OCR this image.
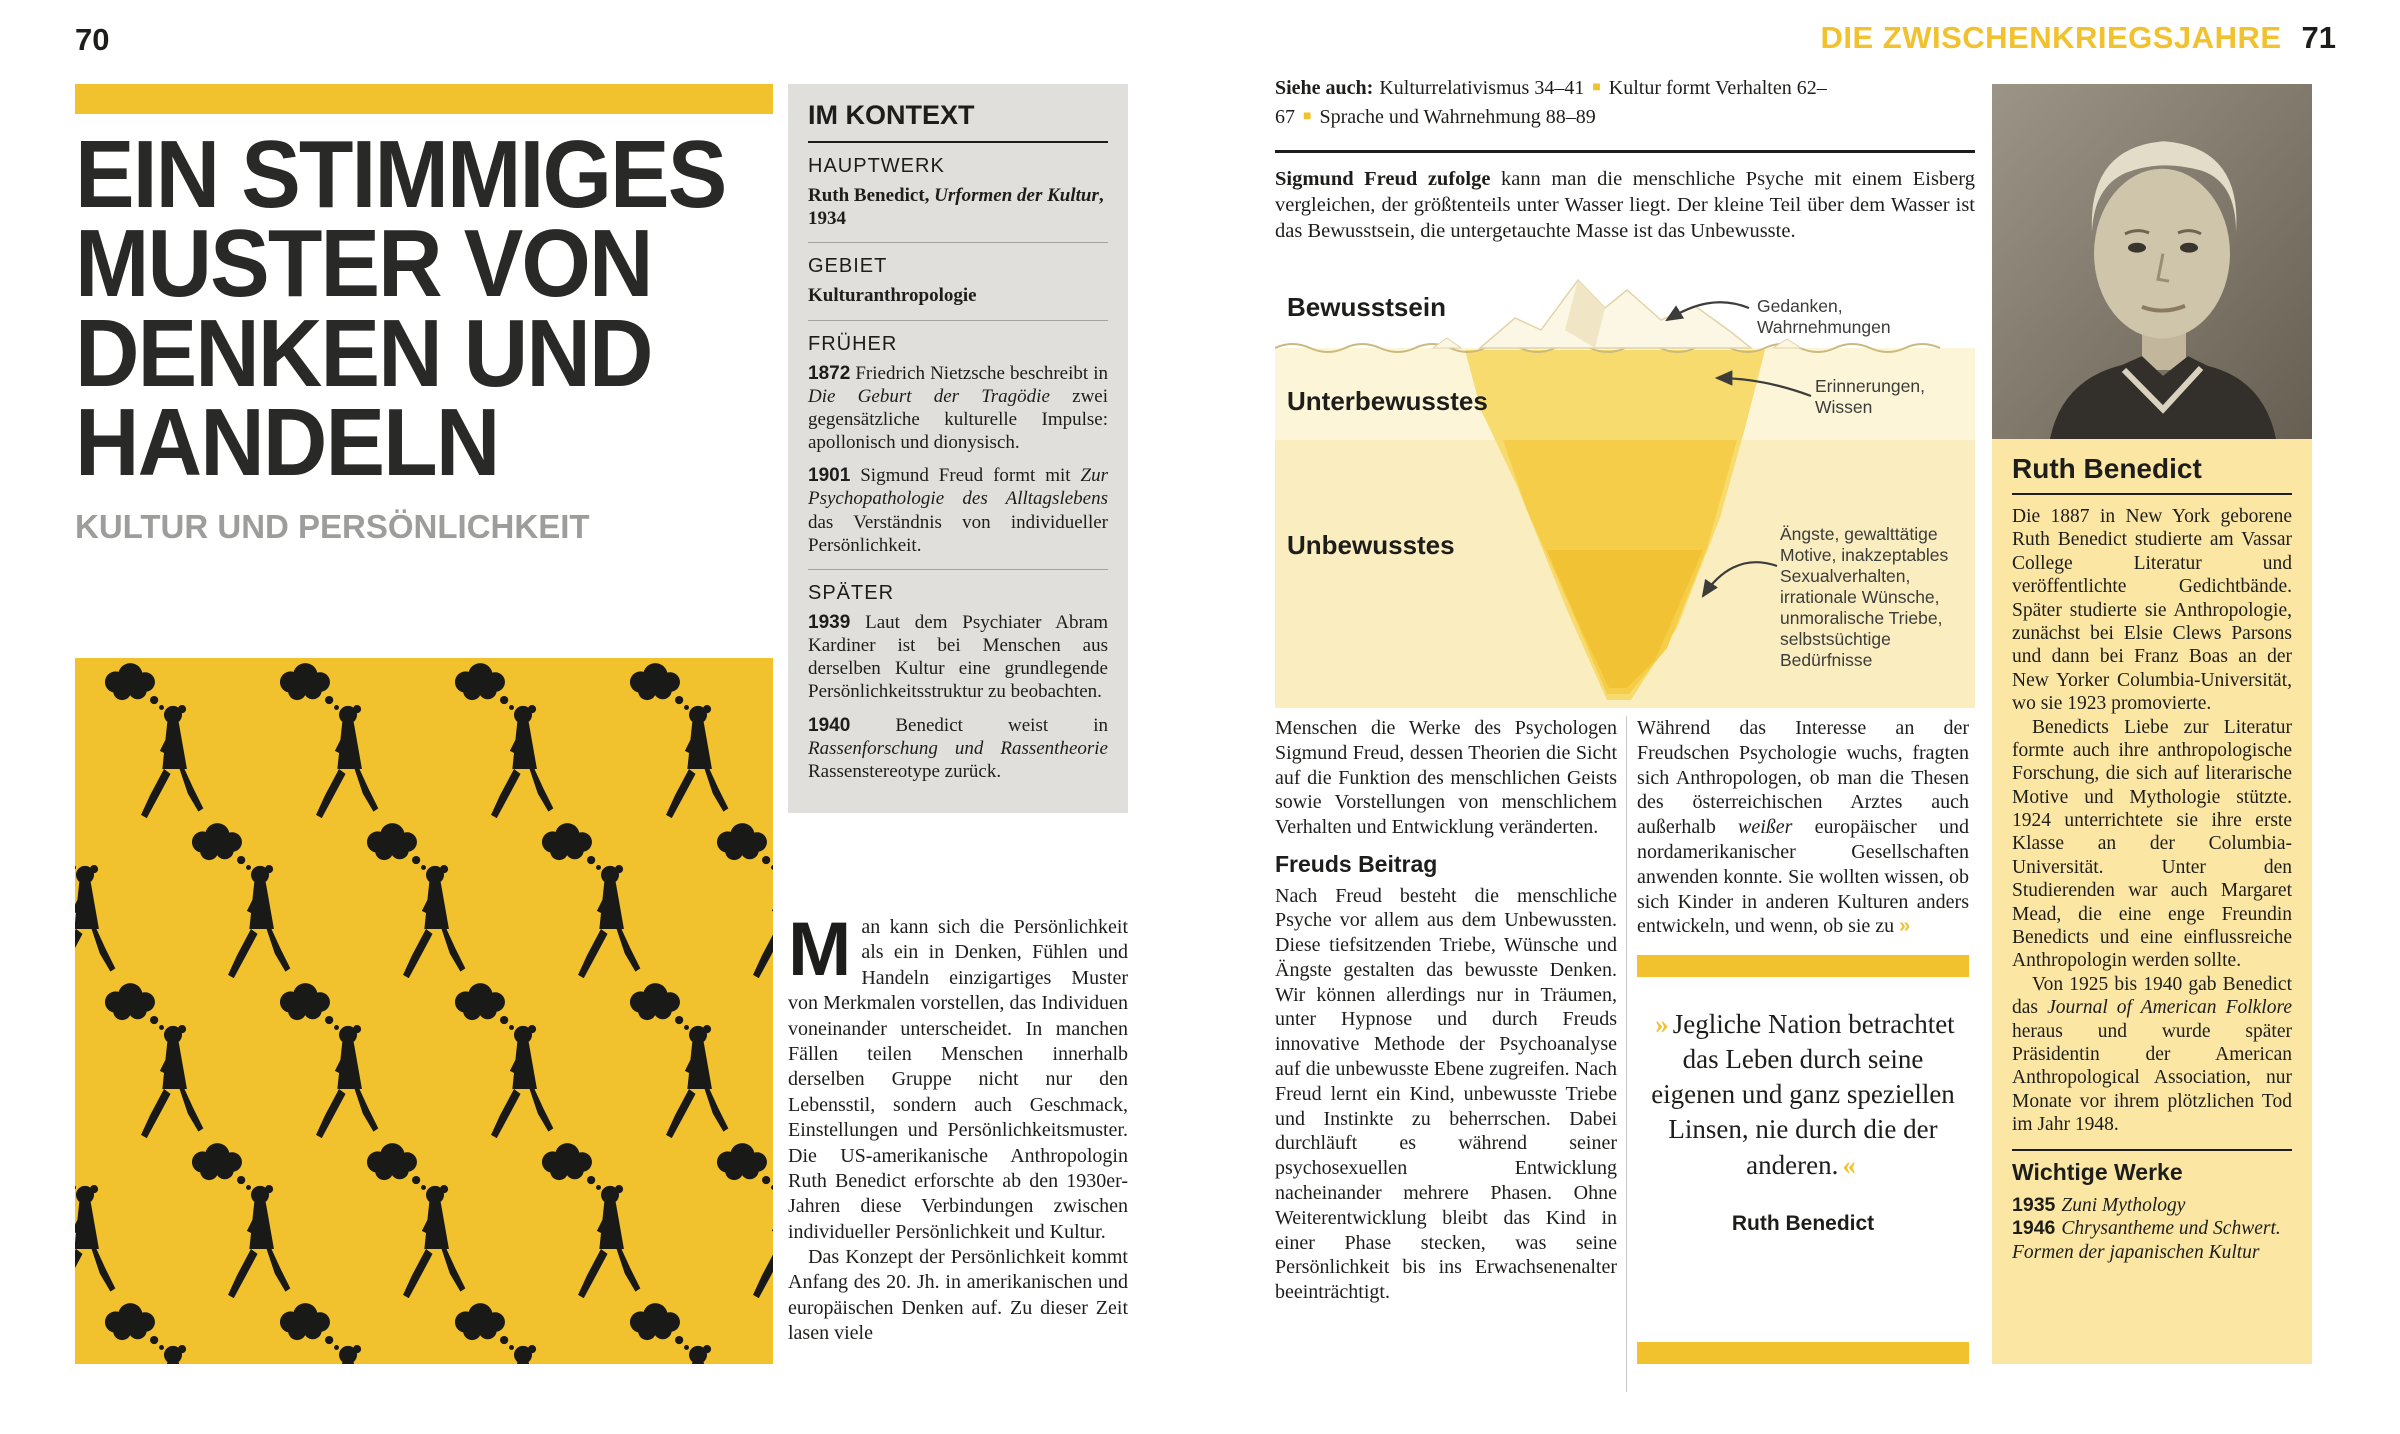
70
EIN STIMMIGES
MUSTER VON
DENKEN UND
HANDELN
KULTUR UND PERSÖNLICHKEIT
IM KONTEXT
HAUPTWERK
Ruth Benedict, Urformen der Kultur, 1934
GEBIET
Kulturanthropologie
FRÜHER
1872 Friedrich Nietzsche beschreibt in Die Geburt der Tragödie zwei gegensätzliche kulturelle Impulse: apollonisch und dionysisch.
1901 Sigmund Freud formt mit Zur Psychopathologie des Alltagslebens das Verständnis von individueller Persönlichkeit.
SPÄTER
1939 Laut dem Psychiater Abram Kardiner ist bei Menschen aus derselben Kultur eine grundlegende Persönlichkeitsstruktur zu beobachten.
1940 Benedict weist in Rassenforschung und Rassentheorie Rassenstereotype zurück.

Man kann sich die Persönlichkeit als ein in Denken, Fühlen und Handeln einzigartiges Muster von Merkmalen vorstellen, das Individuen voneinander unterscheidet. In manchen Fällen teilen Menschen innerhalb derselben Gruppe nicht nur den Lebensstil, sondern auch Geschmack, Einstellungen und Persönlichkeitsmuster. Die US-amerikanische Anthropologin Ruth Benedict erforschte ab den 1930er-Jahren diese Verbindungen zwischen individueller Persönlichkeit und Kultur.

Das Konzept der Persönlichkeit kommt Anfang des 20. Jh. in amerikanischen und europäischen Denken auf. Zu dieser Zeit lasen viele

DIE ZWISCHENKRIEGSJAHRE 71
Siehe auch: Kulturrelativismus 34–41 ■ Kultur formt Verhalten 62–67 ■ Sprache und Wahrnehmung 88–89
Sigmund Freud zufolge kann man die menschliche Psyche mit einem Eisberg vergleichen, der größtenteils unter Wasser liegt. Der kleine Teil über dem Wasser ist das Bewusstsein, die untergetauchte Masse ist das Unbewusste.
Bewusstsein
Unterbewusstes
Unbewusstes
Gedanken, Wahrnehmungen
Erinnerungen, Wissen
Ängste, gewalttätige Motive, inakzeptables Sexualverhalten, irrationale Wünsche, unmoralische Triebe, selbstsüchtige Bedürfnisse

Menschen die Werke des Psychologen Sigmund Freud, dessen Theorien die Sicht auf die Funktion des menschlichen Geists sowie Vorstellungen von menschlichem Verhalten und Entwicklung veränderten.

Freuds Beitrag

Nach Freud besteht die menschliche Psyche vor allem aus dem Unbewussten. Diese tiefsitzenden Triebe, Wünsche und Ängste gestalten das bewusste Denken. Wir können allerdings nur in Träumen, unter Hypnose und durch Freuds innovative Methode der Psychoanalyse auf die unbewusste Ebene zugreifen. Nach Freud lernt ein Kind, unbewusste Triebe und Instinkte zu beherrschen. Dabei durchläuft es während seiner psychosexuellen Entwicklung nacheinander mehrere Phasen. Ohne Weiterentwicklung bleibt das Kind in einer Phase stecken, was seine Persönlichkeit bis ins Erwachsenenalter beeinträchtigt.

Während das Interesse an der Freudschen Psychologie wuchs, fragten sich Anthropologen, ob man die Thesen des österreichischen Arztes auch außerhalb weißer europäischer und nordamerikanischer Gesellschaften anwenden konnte. Sie wollten wissen, ob sich Kinder in anderen Kulturen anders entwickeln, und wenn, ob sie zu »

» Jegliche Nation betrachtet das Leben durch seine eigenen und ganz speziellen Linsen, nie durch die der anderen. «
Ruth Benedict
Ruth Benedict

Die 1887 in New York geborene Ruth Benedict studierte am Vassar College Literatur und veröffentlichte Gedichtbände. Später studierte sie Anthropologie, zunächst bei Elsie Clews Parsons und dann bei Franz Boas an der New Yorker Columbia-Universität, wo sie 1923 promovierte.

Benedicts Liebe zur Literatur formte auch ihre anthropologische Forschung, die sich auf literarische Motive und Mythologie stützte. 1924 unterrichtete sie ihre erste Klasse an der Columbia-Universität. Unter den Studierenden war auch Margaret Mead, die eine enge Freundin Benedicts und eine einflussreiche Anthropologin werden sollte.

Von 1925 bis 1940 gab Benedict das Journal of American Folklore heraus und wurde später Präsidentin der American Anthropological Association, nur Monate vor ihrem plötzlichen Tod im Jahr 1948.

Wichtige Werke
1935 Zuni Mythology
1946 Chrysantheme und Schwert. Formen der japanischen Kultur
